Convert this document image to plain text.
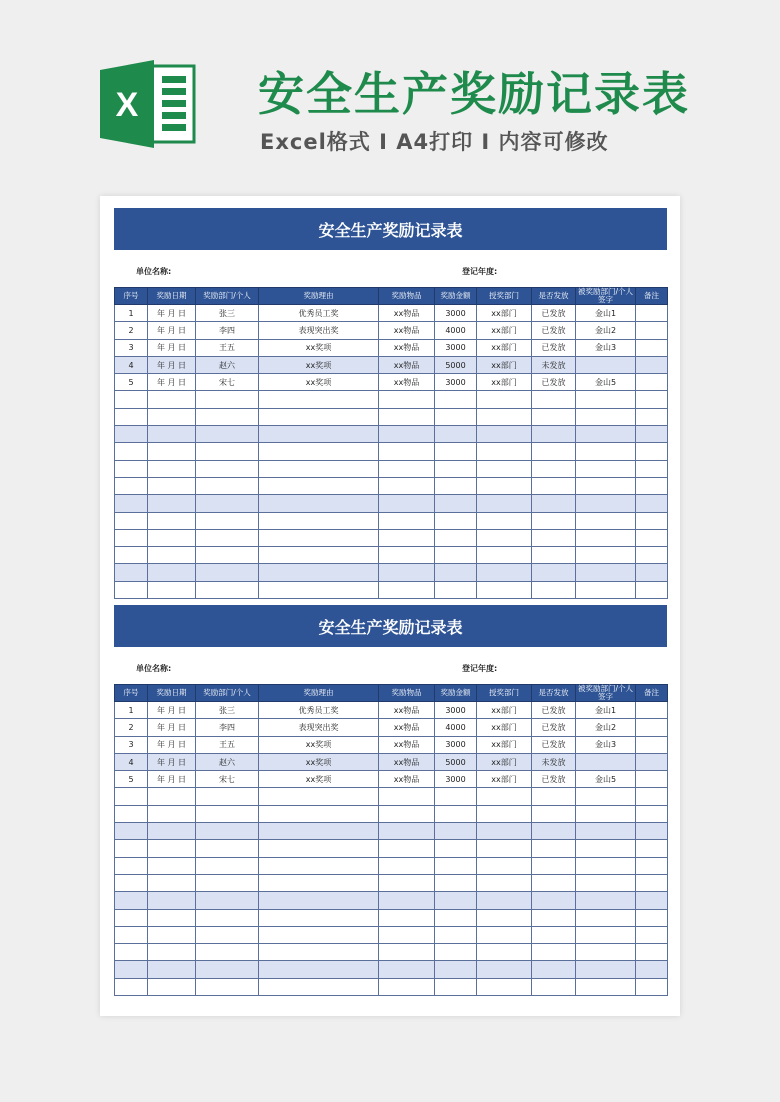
X	安全生产奖励记录表
Excel格式 I A4打印 I 内容可修改
安全生产奖励记录表
单位名称:	登记年度:
序号	奖励日期	奖励部门/个人	奖励理由	奖励物品	奖励金额	授奖部门	是否发放	被奖励部门/个人签字	备注
1	年 月 日	张三	优秀员工奖	xx物品	3000	xx部门	已发放	金山1	
2	年 月 日	李四	表现突出奖	xx物品	4000	xx部门	已发放	金山2	
3	年 月 日	王五	xx奖项	xx物品	3000	xx部门	已发放	金山3	
4	年 月 日	赵六	xx奖项	xx物品	5000	xx部门	未发放		
5	年 月 日	宋七	xx奖项	xx物品	3000	xx部门	已发放	金山5	

安全生产奖励记录表
单位名称:	登记年度:
序号	奖励日期	奖励部门/个人	奖励理由	奖励物品	奖励金额	授奖部门	是否发放	被奖励部门/个人签字	备注
1	年 月 日	张三	优秀员工奖	xx物品	3000	xx部门	已发放	金山1	
2	年 月 日	李四	表现突出奖	xx物品	4000	xx部门	已发放	金山2	
3	年 月 日	王五	xx奖项	xx物品	3000	xx部门	已发放	金山3	
4	年 月 日	赵六	xx奖项	xx物品	5000	xx部门	未发放		
5	年 月 日	宋七	xx奖项	xx物品	3000	xx部门	已发放	金山5	
